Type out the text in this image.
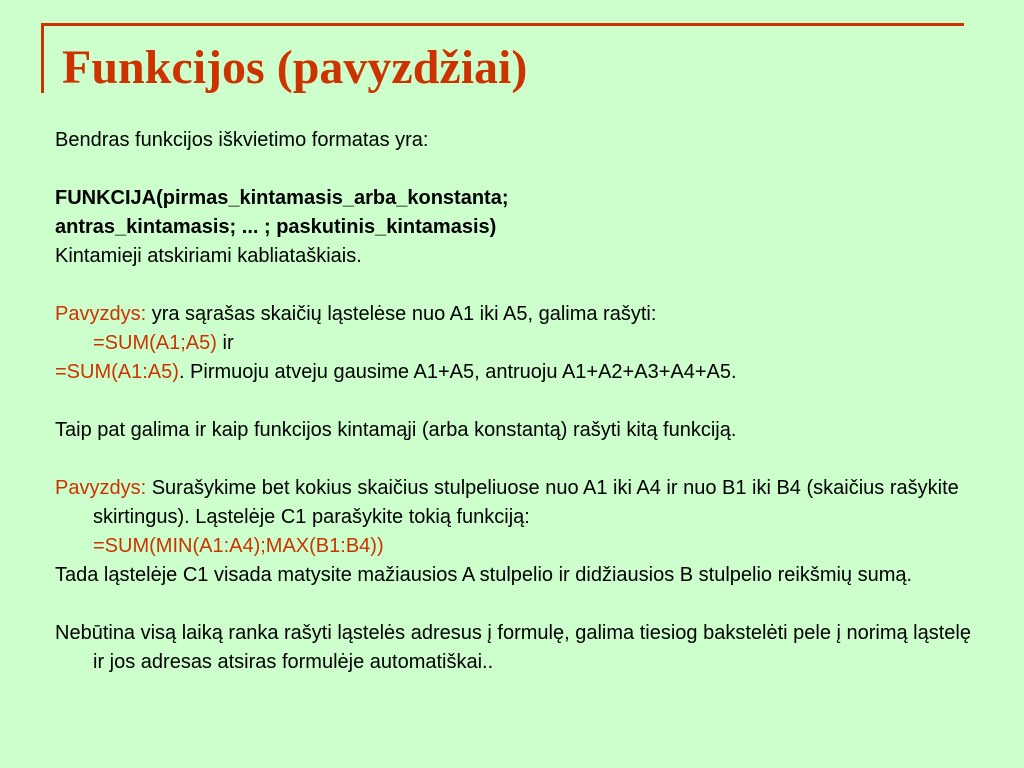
Funkcijos (pavyzdžiai)

Bendras funkcijos iškvietimo formatas yra:

FUNKCIJA(pirmas_kintamasis_arba_konstanta;

antras_kintamasis; ... ; paskutinis_kintamasis)

Kintamieji atskiriami kabliataškiais.

Pavyzdys: yra sąrašas skaičių ląstelėse nuo A1 iki A5, galima rašyti:
=SUM(A1;A5) ir

=SUM(A1:A5). Pirmuoju atveju gausime A1+A5, antruoju A1+A2+A3+A4+A5.

Taip pat galima ir kaip funkcijos kintamąji (arba konstantą) rašyti kitą funkciją.

Pavyzdys: Surašykime bet kokius skaičius stulpeliuose nuo A1 iki A4 ir nuo B1 iki B4 (skaičius rašykite skirtingus). Ląstelėje C1 parašykite tokią funkciją:
=SUM(MIN(A1:A4);MAX(B1:B4))

Tada ląstelėje C1 visada matysite mažiausios A stulpelio ir didžiausios B stulpelio reikšmių sumą.

Nebūtina visą laiką ranka rašyti ląstelės adresus į formulę, galima tiesiog bakstelėti pele į norimą ląstelę ir jos adresas atsiras formulėje automatiškai..
